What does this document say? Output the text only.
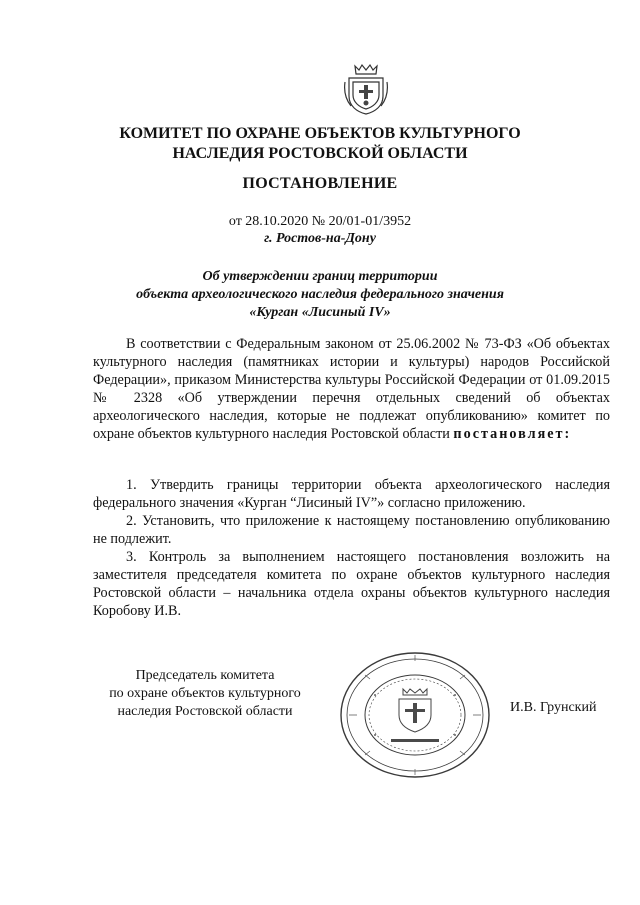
КОМИТЕТ ПО ОХРАНЕ ОБЪЕКТОВ КУЛЬТУРНОГО
НАСЛЕДИЯ РОСТОВСКОЙ ОБЛАСТИ
ПОСТАНОВЛЕНИЕ
от 28.10.2020 № 20/01-01/3952
г. Ростов-на-Дону
Об утверждении границ территории
объекта археологического наследия федерального значения
«Курган «Лисиный IV»

В соответствии с Федеральным законом от 25.06.2002 № 73-ФЗ «Об объектах культурного наследия (памятниках истории и культуры) народов Российской Федерации», приказом Министерства культуры Российской Федерации от 01.09.2015 № 2328 «Об утверждении перечня отдельных сведений об объектах археологического наследия, которые не подлежат опубликованию» комитет по охране объектов культурного наследия Ростовской области постановляет:

1. Утвердить границы территории объекта археологического наследия федерального значения «Курган “Лисиный IV”» согласно приложению.

2. Установить, что приложение к настоящему постановлению опубликованию не подлежит.

3. Контроль за выполнением настоящего постановления возложить на заместителя председателя комитета по охране объектов культурного наследия Ростовской области – начальника отдела охраны объектов культурного наследия Коробову И.В.

Председатель комитета
по охране объектов культурного
наследия Ростовской области	И.В. Грунский
